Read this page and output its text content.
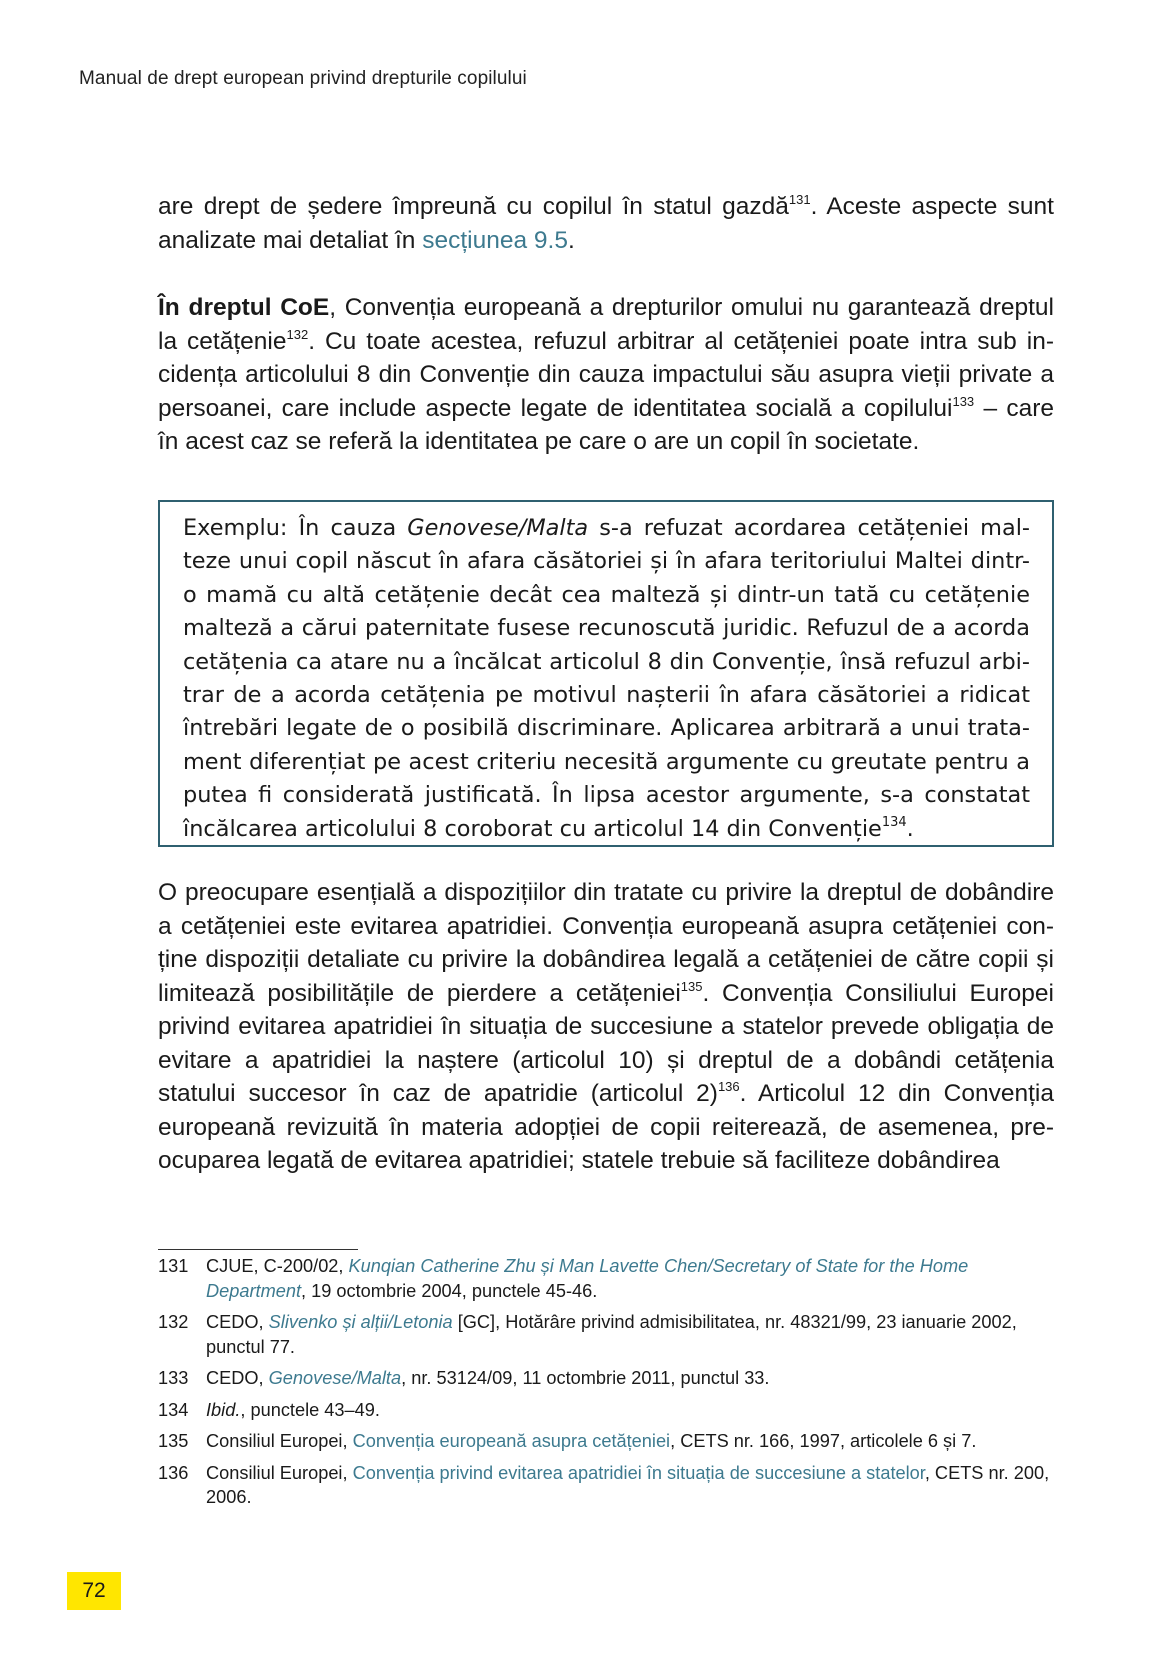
Manual de drept european privind drepturile copilului

are drept de ședere împreună cu copilul în statul gazdă$^{131}$. Aceste aspecte sunt analizate mai detaliat în secțiunea 9.5.

În dreptul CoE, Convenția europeană a drepturilor omului nu garantează dreptul la cetățenie$^{132}$. Cu toate acestea, refuzul arbitrar al cetățeniei poate intra sub incidența articolului 8 din Convenție din cauza impactului său asupra vieții private a persoanei, care include aspecte legate de identitatea socială a copilului$^{133}$ – care în acest caz se referă la identitatea pe care o are un copil în societate.

Exemplu: În cauza Genovese/Malta s-a refuzat acordarea cetățeniei malteze unui copil născut în afara căsătoriei și în afara teritoriului Maltei dintr-o mamă cu altă cetățenie decât cea malteză și dintr-un tată cu cetățenie malteză a cărui paternitate fusese recunoscută juridic. Refuzul de a acorda cetățenia ca atare nu a încălcat articolul 8 din Convenție, însă refuzul arbitrar de a acorda cetățenia pe motivul nașterii în afara căsătoriei a ridicat întrebări legate de o posibilă discriminare. Aplicarea arbitrară a unui tratament diferențiat pe acest criteriu necesită argumente cu greutate pentru a putea fi considerată justificată. În lipsa acestor argumente, s-a constatat încălcarea articolului 8 coroborat cu articolul 14 din Convenție$^{134}$.

O preocupare esențială a dispozițiilor din tratate cu privire la dreptul de dobândire a cetățeniei este evitarea apatridiei. Convenția europeană asupra cetățeniei conține dispoziții detaliate cu privire la dobândirea legală a cetățeniei de către copii și limitează posibilitățile de pierdere a cetățeniei$^{135}$. Convenția Consiliului Europei privind evitarea apatridiei în situația de succesiune a statelor prevede obligația de evitare a apatridiei la naștere (articolul 10) și dreptul de a dobândi cetățenia statului succesor în caz de apatridie (articolul 2)$^{136}$. Articolul 12 din Convenția europeană revizuită în materia adopției de copii reiterează, de asemenea, preocuparea legată de evitarea apatridiei; statele trebuie să faciliteze dobândirea

131 CJUE, C-200/02, Kunqian Catherine Zhu și Man Lavette Chen/Secretary of State for the Home Department, 19 octombrie 2004, punctele 45-46.
132 CEDO, Slivenko și alții/Letonia [GC], Hotărâre privind admisibilitatea, nr. 48321/99, 23 ianuarie 2002, punctul 77.
133 CEDO, Genovese/Malta, nr. 53124/09, 11 octombrie 2011, punctul 33.
134 Ibid., punctele 43–49.
135 Consiliul Europei, Convenția europeană asupra cetățeniei, CETS nr. 166, 1997, articolele 6 și 7.
136 Consiliul Europei, Convenția privind evitarea apatridiei în situația de succesiune a statelor, CETS nr. 200, 2006.
72
